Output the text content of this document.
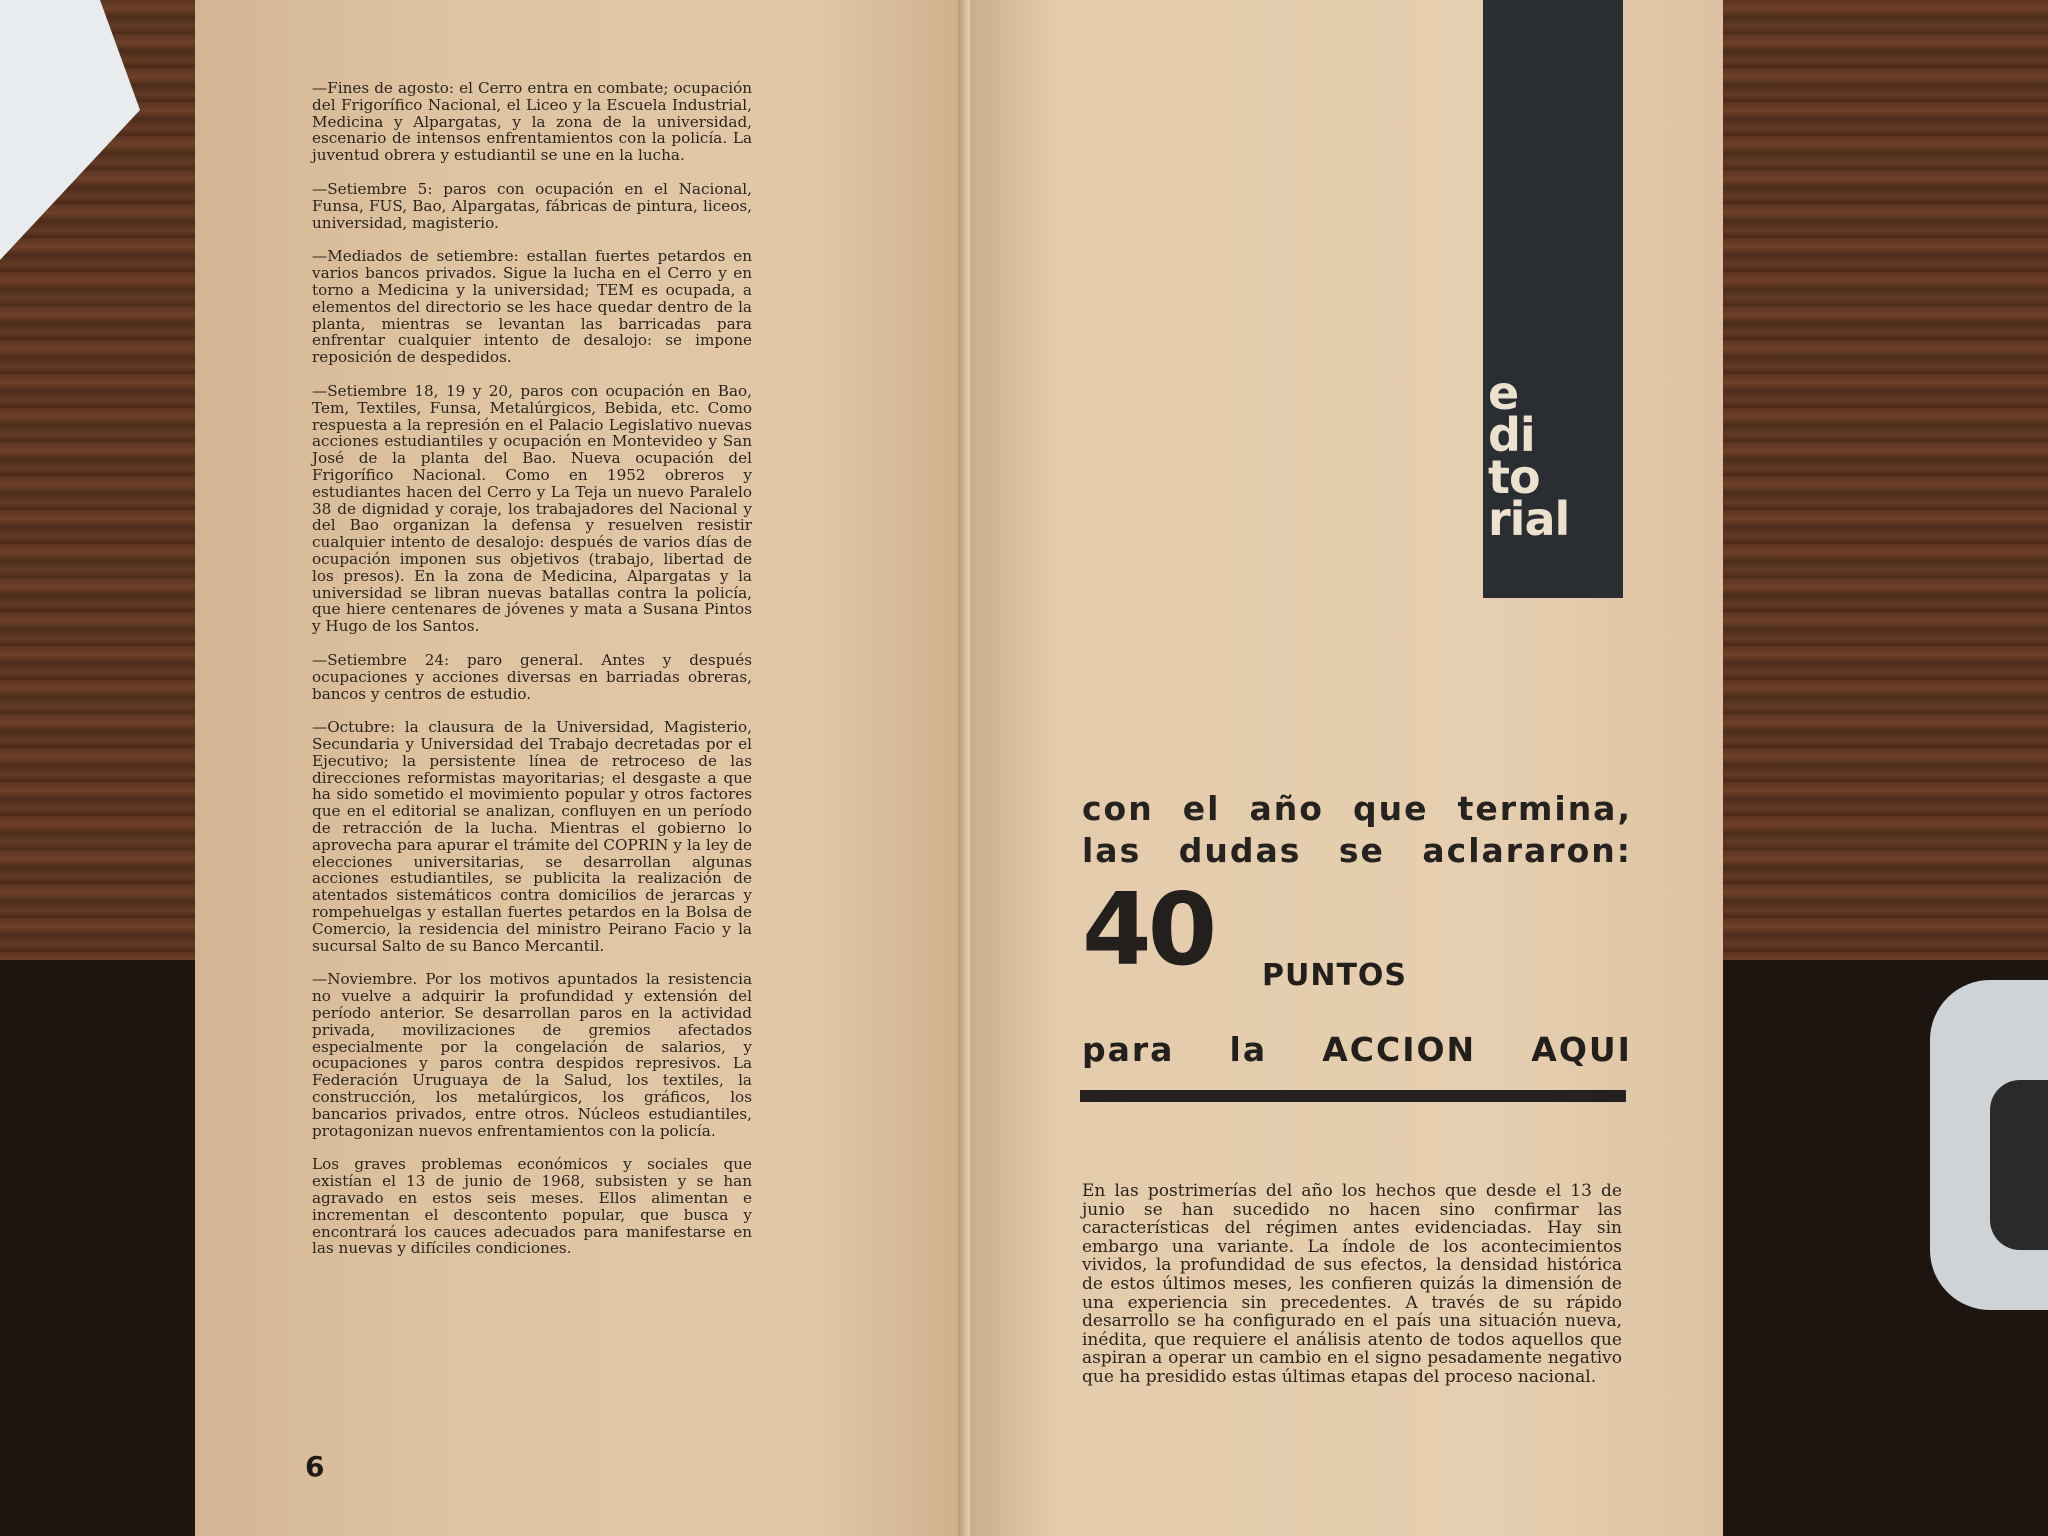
—Fines de agosto: el Cerro entra en combate; ocupación del Frigorífico Nacional, el Liceo y la Escuela Industrial, Medicina y Alpargatas, y la zona de la universidad, escenario de intensos enfrentamientos con la policía. La juventud obrera y estudiantil se une en la lucha.

—Setiembre 5: paros con ocupación en el Nacional, Funsa, FUS, Bao, Alpargatas, fábricas de pintura, liceos, universidad, magisterio.

—Mediados de setiembre: estallan fuertes petardos en varios bancos privados. Sigue la lucha en el Cerro y en torno a Medicina y la universidad; TEM es ocupada, a elementos del directorio se les hace quedar dentro de la planta, mientras se levantan las barricadas para enfrentar cualquier intento de desalojo: se impone reposición de despedidos.

—Setiembre 18, 19 y 20, paros con ocupación en Bao, Tem, Textiles, Funsa, Metalúrgicos, Bebida, etc. Como respuesta a la represión en el Palacio Legislativo nuevas acciones estudiantiles y ocupación en Montevideo y San José de la planta del Bao. Nueva ocupación del Frigorífico Nacional. Como en 1952 obreros y estudiantes hacen del Cerro y La Teja un nuevo Paralelo 38 de dignidad y coraje, los trabajadores del Nacional y del Bao organizan la defensa y resuelven resistir cualquier intento de desalojo: después de varios días de ocupación imponen sus objetivos (trabajo, libertad de los presos). En la zona de Medicina, Alpargatas y la universidad se libran nuevas batallas contra la policía, que hiere centenares de jóvenes y mata a Susana Pintos y Hugo de los Santos.

—Setiembre 24: paro general. Antes y después ocupaciones y acciones diversas en barriadas obreras, bancos y centros de estudio.

—Octubre: la clausura de la Universidad, Magisterio, Secundaria y Universidad del Trabajo decretadas por el Ejecutivo; la persistente línea de retroceso de las direcciones reformistas mayoritarias; el desgaste a que ha sido sometido el movimiento popular y otros factores que en el editorial se analizan, confluyen en un período de retracción de la lucha. Mientras el gobierno lo aprovecha para apurar el trámite del COPRIN y la ley de elecciones universitarias, se desarrollan algunas acciones estudiantiles, se publicita la realización de atentados sistemáticos contra domicilios de jerarcas y rompehuelgas y estallan fuertes petardos en la Bolsa de Comercio, la residencia del ministro Peirano Facio y la sucursal Salto de su Banco Mercantil.

—Noviembre. Por los motivos apuntados la resistencia no vuelve a adquirir la profundidad y extensión del período anterior. Se desarrollan paros en la actividad privada, movilizaciones de gremios afectados especialmente por la congelación de salarios, y ocupaciones y paros contra despidos represivos. La Federación Uruguaya de la Salud, los textiles, la construcción, los metalúrgicos, los gráficos, los bancarios privados, entre otros. Núcleos estudiantiles, protagonizan nuevos enfrentamientos con la policía.

Los graves problemas económicos y sociales que existían el 13 de junio de 1968, subsisten y se han agravado en estos seis meses. Ellos alimentan e incrementan el descontento popular, que busca y encontrará los cauces adecuados para manifestarse en las nuevas y difíciles condiciones.

6
e
di
to
rial
con el año que termina,
las dudas se aclararon:
40 PUNTOS
para la ACCION AQUI
En las postrimerías del año los hechos que desde el 13 de junio se han sucedido no hacen sino confirmar las características del régimen antes evidenciadas. Hay sin embargo una variante. La índole de los acontecimientos vividos, la profundidad de sus efectos, la densidad histórica de estos últimos meses, les confieren quizás la dimensión de una experiencia sin precedentes. A través de su rápido desarrollo se ha configurado en el país una situación nueva, inédita, que requiere el análisis atento de todos aquellos que aspiran a operar un cambio en el signo pesadamente negativo que ha presidido estas últimas etapas del proceso nacional.
